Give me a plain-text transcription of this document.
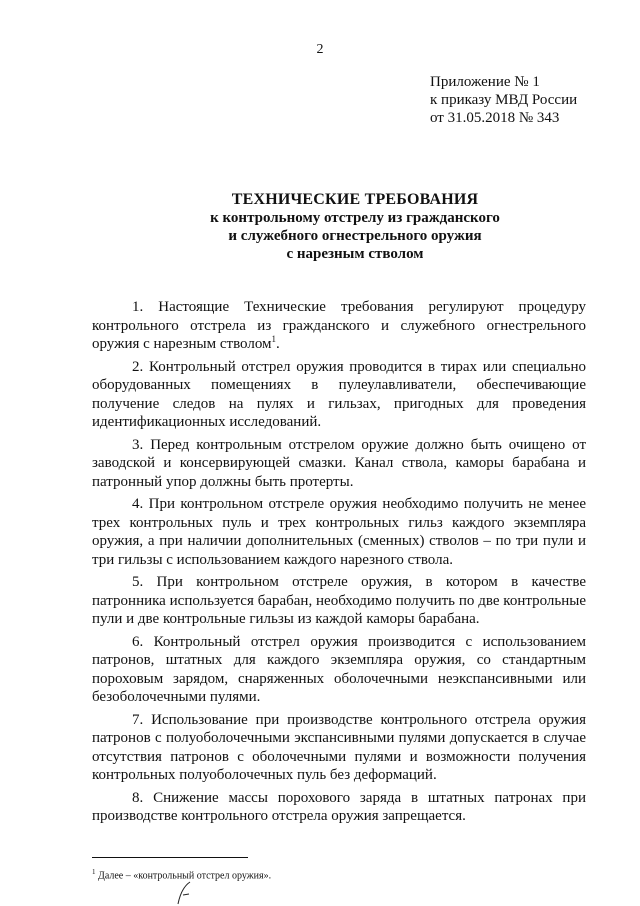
2
Приложение № 1
к приказу МВД России
от 31.05.2018 № 343
ТЕХНИЧЕСКИЕ ТРЕБОВАНИЯ
к контрольному отстрелу из гражданского
и служебного огнестрельного оружия
с нарезным стволом

1. Настоящие Технические требования регулируют процедуру контрольного отстрела из гражданского и служебного огнестрельного оружия с нарезным стволом$^1$.

2. Контрольный отстрел оружия проводится в тирах или специально оборудованных помещениях в пулеулавливатели, обеспечивающие получение следов на пулях и гильзах, пригодных для проведения идентификационных исследований.

3. Перед контрольным отстрелом оружие должно быть очищено от заводской и консервирующей смазки. Канал ствола, каморы барабана и патронный упор должны быть протерты.

4. При контрольном отстреле оружия необходимо получить не менее трех контрольных пуль и трех контрольных гильз каждого экземпляра оружия, а при наличии дополнительных (сменных) стволов – по три пули и три гильзы с использованием каждого нарезного ствола.

5. При контрольном отстреле оружия, в котором в качестве патронника используется барабан, необходимо получить по две контрольные пули и две контрольные гильзы из каждой каморы барабана.

6. Контрольный отстрел оружия производится с использованием патронов, штатных для каждого экземпляра оружия, со стандартным пороховым зарядом, снаряженных оболочечными неэкспансивными или безоболочечными пулями.

7. Использование при производстве контрольного отстрела оружия патронов с полуоболочечными экспансивными пулями допускается в случае отсутствия патронов с оболочечными пулями и возможности получения контрольных полуоболочечных пуль без деформаций.

8. Снижение массы порохового заряда в штатных патронах при производстве контрольного отстрела оружия запрещается.

$^1$ Далее – «контрольный отстрел оружия».
